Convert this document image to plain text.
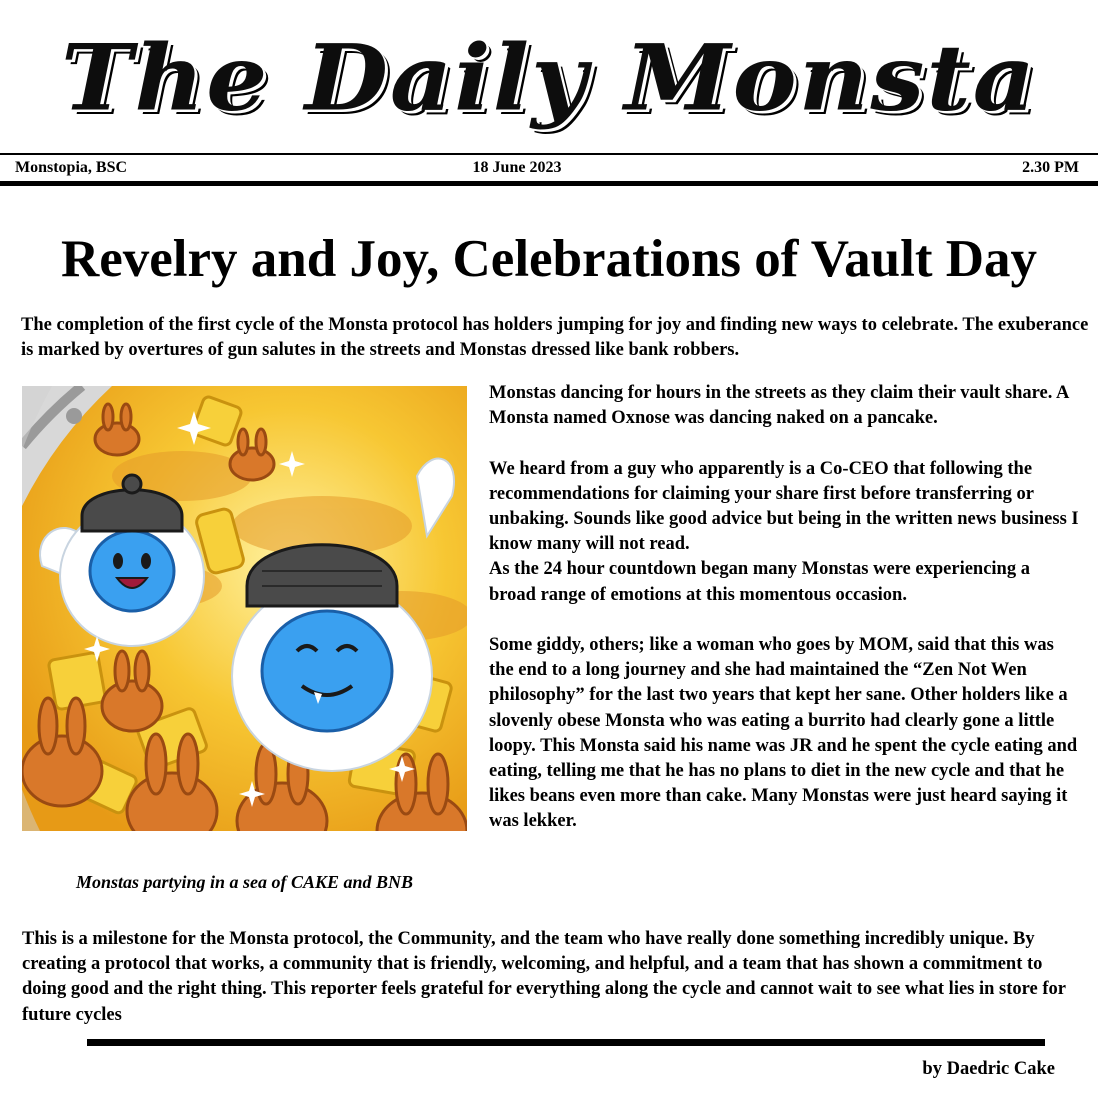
The Daily Monsta
Monstopia, BSC	18 June 2023	2.30 PM
Revelry and Joy, Celebrations of Vault Day

The completion of the first cycle of the Monsta protocol has holders jumping for joy and finding new ways to celebrate. The exuberance is marked by overtures of gun salutes in the streets and Monstas dressed like bank robbers.

Monstas partying in a sea of CAKE and BNB

Monstas dancing for hours in the streets as they claim their vault share. A Monsta named Oxnose was dancing naked on a pancake.

We heard from a guy who apparently is a Co-CEO that following the recommendations for claiming your share first before transferring or unbaking. Sounds like good advice but being in the written news business I know many will not read.

As the 24 hour countdown began many Monstas were experiencing a broad range of emotions at this momentous occasion.

Some giddy, others; like a woman who goes by MOM, said that this was the end to a long journey and she had maintained the “Zen Not Wen philosophy” for the last two years that kept her sane. Other holders like a slovenly obese Monsta who was eating a burrito had clearly gone a little loopy. This Monsta said his name was JR and he spent the cycle eating and eating, telling me that he has no plans to diet in the new cycle and that he likes beans even more than cake. Many Monstas were just heard saying it was lekker.

This is a milestone for the Monsta protocol, the Community, and the team who have really done something incredibly unique. By creating a protocol that works, a community that is friendly, welcoming, and helpful, and a team that has shown a commitment to doing good and the right thing. This reporter feels grateful for everything along the cycle and cannot wait to see what lies in store for future cycles

by Daedric Cake
